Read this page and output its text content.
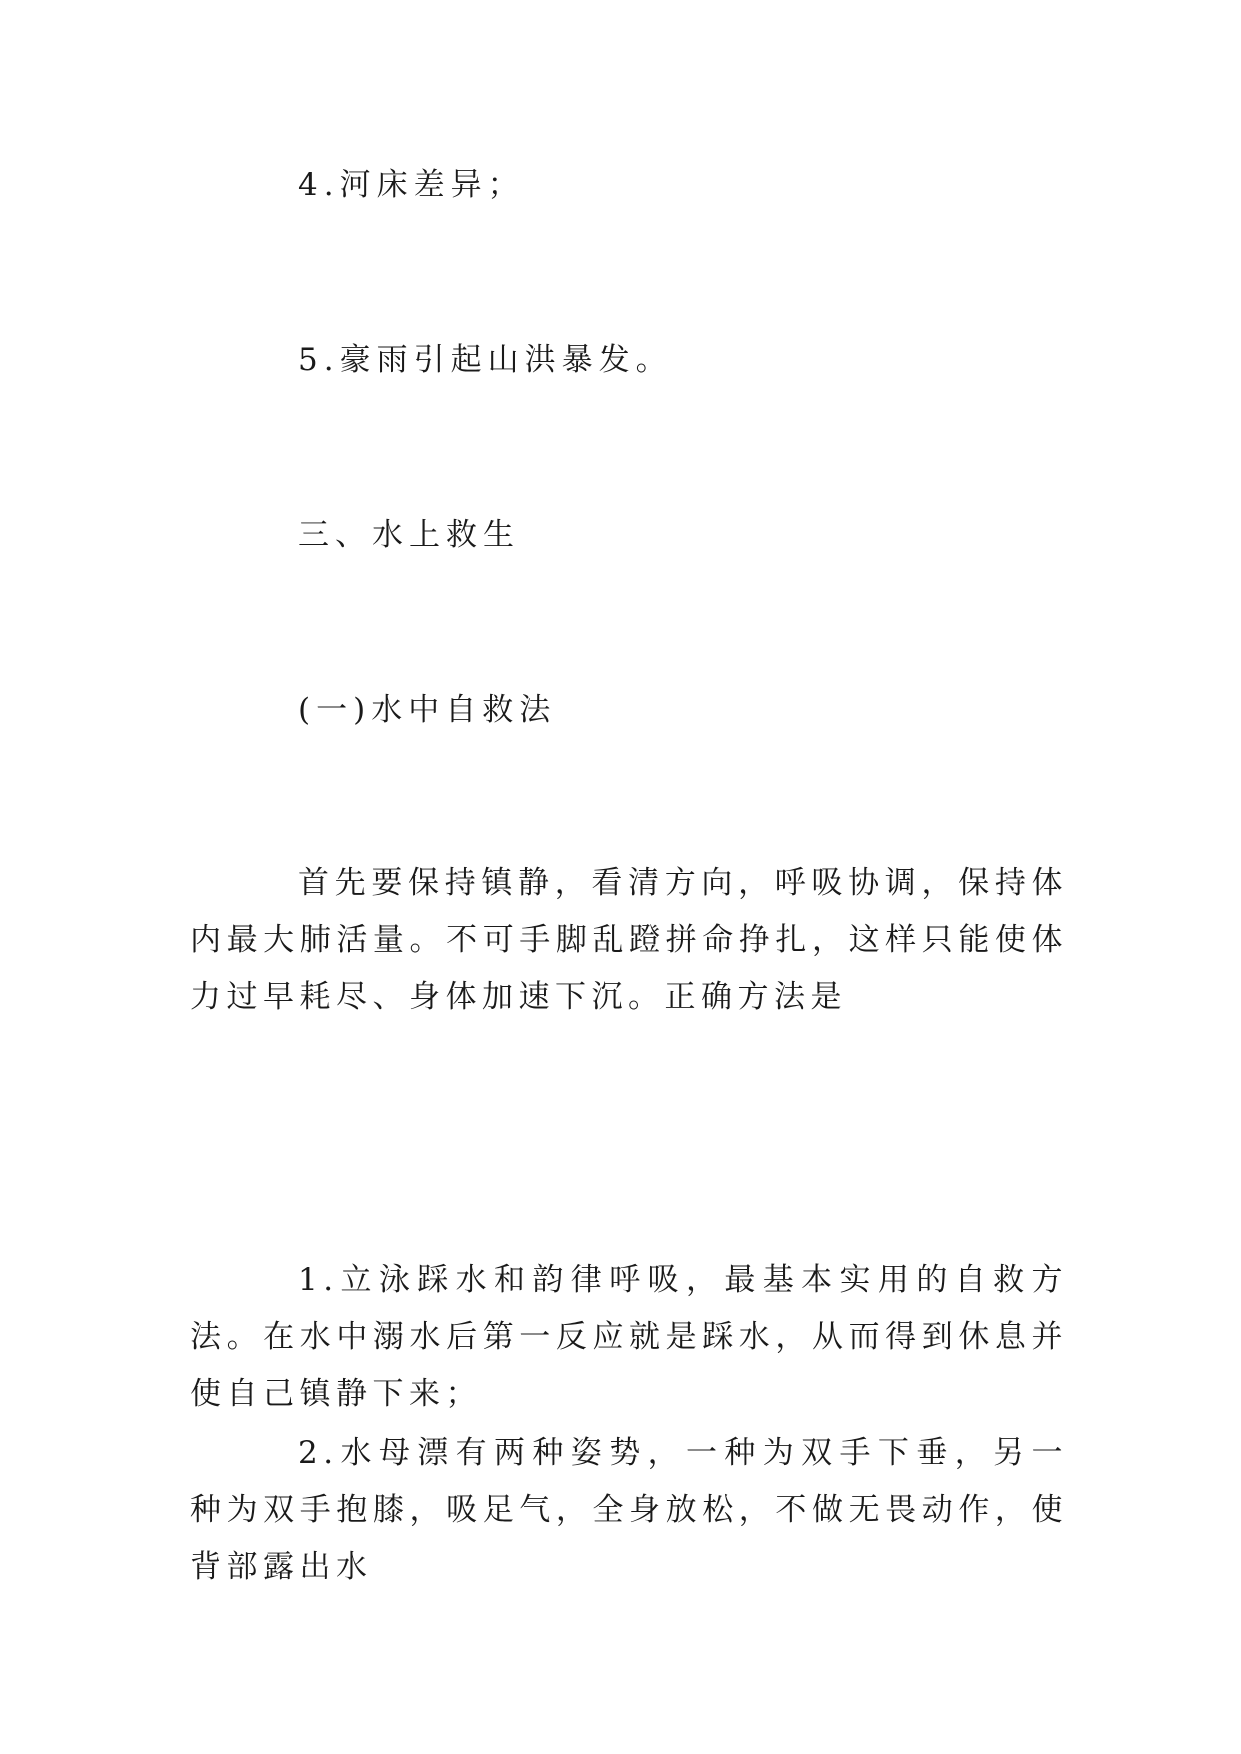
4.河床差异；
5.豪雨引起山洪暴发。
三、水上救生
(一)水中自救法
首先要保持镇静，看清方向，呼吸协调，保持体内最大肺活量。不可手脚乱蹬拼命挣扎，这样只能使体力过早耗尽、身体加速下沉。正确方法是
1.立泳踩水和韵律呼吸，最基本实用的自救方法。在水中溺水后第一反应就是踩水，从而得到休息并使自己镇静下来；
2.水母漂有两种姿势，一种为双手下垂，另一种为双手抱膝，吸足气，全身放松，不做无畏动作，使背部露出水
